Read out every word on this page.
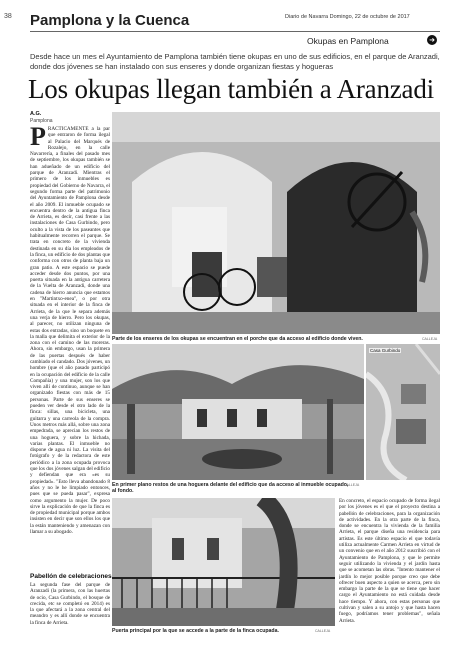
38 Pamplona y la Cuenca	Diario de Navarra Domingo, 22 de octubre de 2017
Okupas en Pamplona	➜
Desde hace un mes el Ayuntamiento de Pamplona también tiene okupas en uno de sus edificios, en el parque de Aranzadi, donde dos jóvenes se han instalado con sus enseres y donde organizan fiestas y hogueras
Los okupas llegan también a Aranzadi
A.G.
Pamplona
P RÁCTICAMENTE a la par que entraron de forma ilegal al Palacio del Marqués de Rozalejo, en la calle Navarrería, a finales del pasado mes de septiembre, los okupas también se han adueñado de un edificio del parque de Aranzadi. Mientras el primero de los inmuebles es propiedad del Gobierno de Navarra, el segundo forma parte del patrimonio del Ayuntamiento de Pamplona desde el año 2009. El inmueble ocupado se encuentra dentro de la antigua finca de Arrieta, es decir, casi frente a las instalaciones de Casa Gurbindo, pero oculto a la vista de los paseantes que habitualmente recorren el parque. Se trata en concreto de la vivienda destinada en su día los empleados de la finca, un edificio de dos plantas que conforma con otros de planta baja un gran patio. A este espacio se puede acceder desde dos puntos, por una puerta situada en la antigua carretera de la Vuelta de Aranzadi, donde una cadena de hierro anuncia que estamos en "Martintxo-enea", o por otra situada en el interior de la finca de Arrieta, de la que le separa además una verja de hierro. Pero los okupas, al parecer, no utilizan ninguna de estas dos entradas, sino un boquete en la malla que delimita el exterior de la zona con el camino de las moreras. Ahora, sin embargo, usan la primera de las puertas después de haber cambiado el candado. Dos jóvenes, un hombre (que el año pasado participó en la ocupación del edificio de la calle Compañía) y una mujer, son los que viven allí de continuo, aunque se han organizado fiestas con más de 15 personas. Parte de sus enseres se pueden ver desde el otro lado de la finca: sillas, una bicicleta, una guitarra y una carreola de la compra. Unos metros más allá, sobre una zona empedrada, se aprecian los restos de una hoguera, y sobre la hichada, varias plantas. El inmueble no dispone de agua ni luz. La visita del fotógrafo y de la redactora de este periódico a la zona ocupada provoca que los dos jóvenes salgan del edificio y defiendan que era «es su propiedad». "Esto lleva abandonado 8 años y no le he limpiado entonces, pues que se pueda pasar", expresa como argumento la mujer. De poco sirve la explicación de que la finca es de propiedad municipal porque ambos insisten en decir que son ellos los que la están manteniendo y amenazan con llamar a su abogado.
Pabellón de celebraciones
La segunda fase del parque de Aranzadi (la primera, con las huertas de ocio, Casa Gurbindo, el bosque de crecida, etc se completó en 2014) es la que afectará a la zona central del meandro y es allí donde se encuentra la finca de Arrieta.
Parte de los enseres de los okupas se encuentran en el porche que da acceso al edificio donde viven.	CALLEJA
En primer plano restos de una hoguera delante del edificio que da acceso al inmueble ocupado, al fondo.
CALLEJA
Casa Gurbindo
Puerta principal por la que se accede a la parte de la finca ocupada.	CALLEJA
En concreto, el espacio ocupado de forma ilegal por los jóvenes es el que el proyecto destina a pabellón de celebraciones, para la organización de actividades. En la otra parte de la finca, donde se encuentra la vivienda de la familia Arrieta, el parque diseña una residencia para artistas. Es este último espacio el que todavía utiliza actualmente Carmen Arrieta en virtud de un convenio que en el año 2012 suscribió con el Ayuntamiento de Pamplona, y que le permite seguir utilizando la vivienda y el jardín hasta que se acometan las obras. "Intento mantener el jardín lo mejor posible porque creo que debe ofrecer buen aspecto a quien se acerca, pero sin embargo la parte de la que se tiene que hacer cargo el Ayuntamiento no está cuidada desde hace tiempo. Y ahora, con estas personas que cultivan y salen a su antojo y que hasta hacen fuego, podríamos tener problemas", señala Arrieta.
